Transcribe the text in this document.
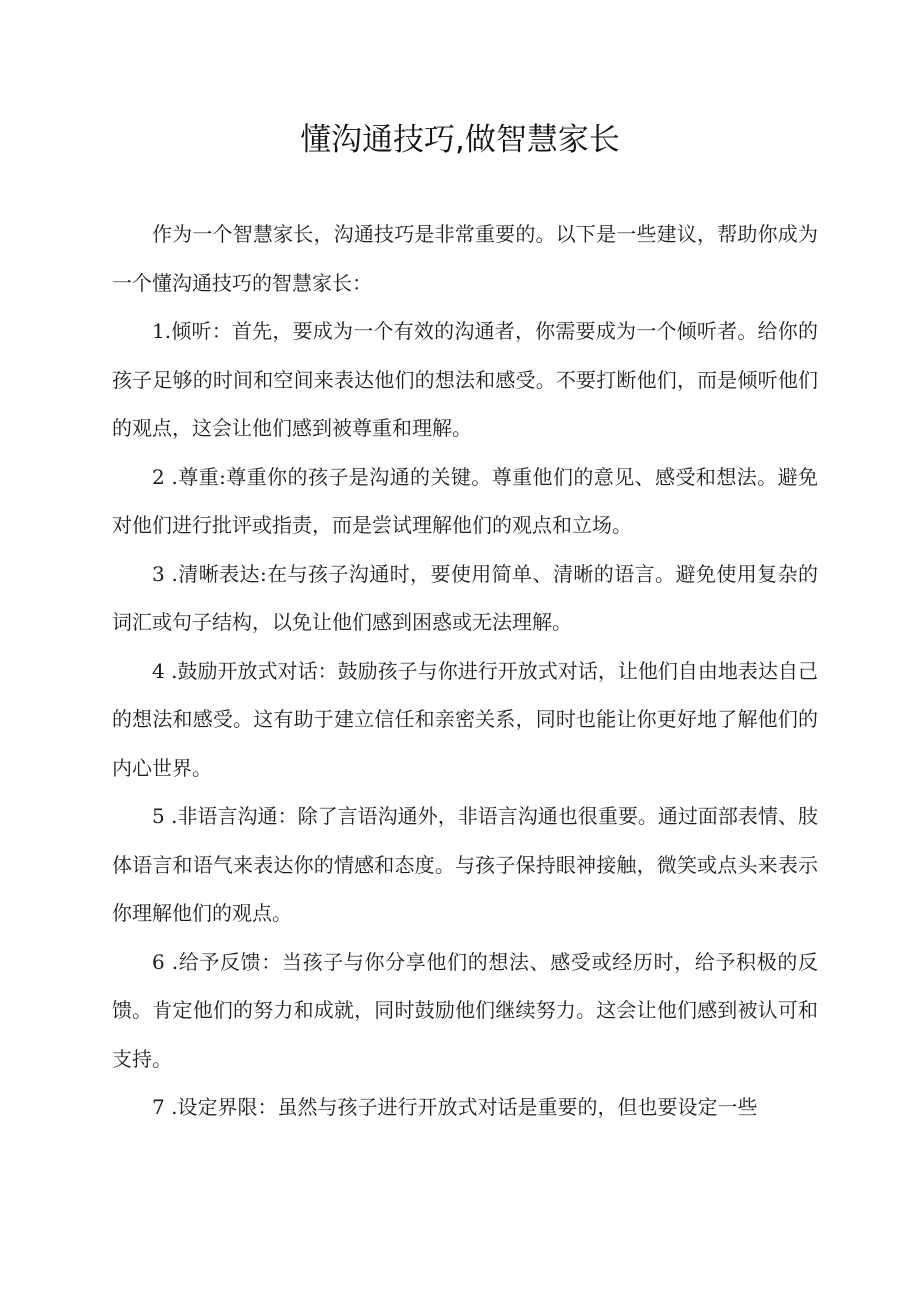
懂沟通技巧,做智慧家长

作为一个智慧家长，沟通技巧是非常重要的。以下是一些建议，帮助你成为一个懂沟通技巧的智慧家长：

1.倾听：首先，要成为一个有效的沟通者，你需要成为一个倾听者。给你的孩子足够的时间和空间来表达他们的想法和感受。不要打断他们，而是倾听他们的观点，这会让他们感到被尊重和理解。

2 .尊重:尊重你的孩子是沟通的关键。尊重他们的意见、感受和想法。避免对他们进行批评或指责，而是尝试理解他们的观点和立场。

3 .清晰表达:在与孩子沟通时，要使用简单、清晰的语言。避免使用复杂的词汇或句子结构，以免让他们感到困惑或无法理解。

4 .鼓励开放式对话：鼓励孩子与你进行开放式对话，让他们自由地表达自己的想法和感受。这有助于建立信任和亲密关系，同时也能让你更好地了解他们的内心世界。

5 .非语言沟通：除了言语沟通外，非语言沟通也很重要。通过面部表情、肢体语言和语气来表达你的情感和态度。与孩子保持眼神接触，微笑或点头来表示你理解他们的观点。

6 .给予反馈：当孩子与你分享他们的想法、感受或经历时，给予积极的反馈。肯定他们的努力和成就，同时鼓励他们继续努力。这会让他们感到被认可和支持。

7 .设定界限：虽然与孩子进行开放式对话是重要的，但也要设定一些
